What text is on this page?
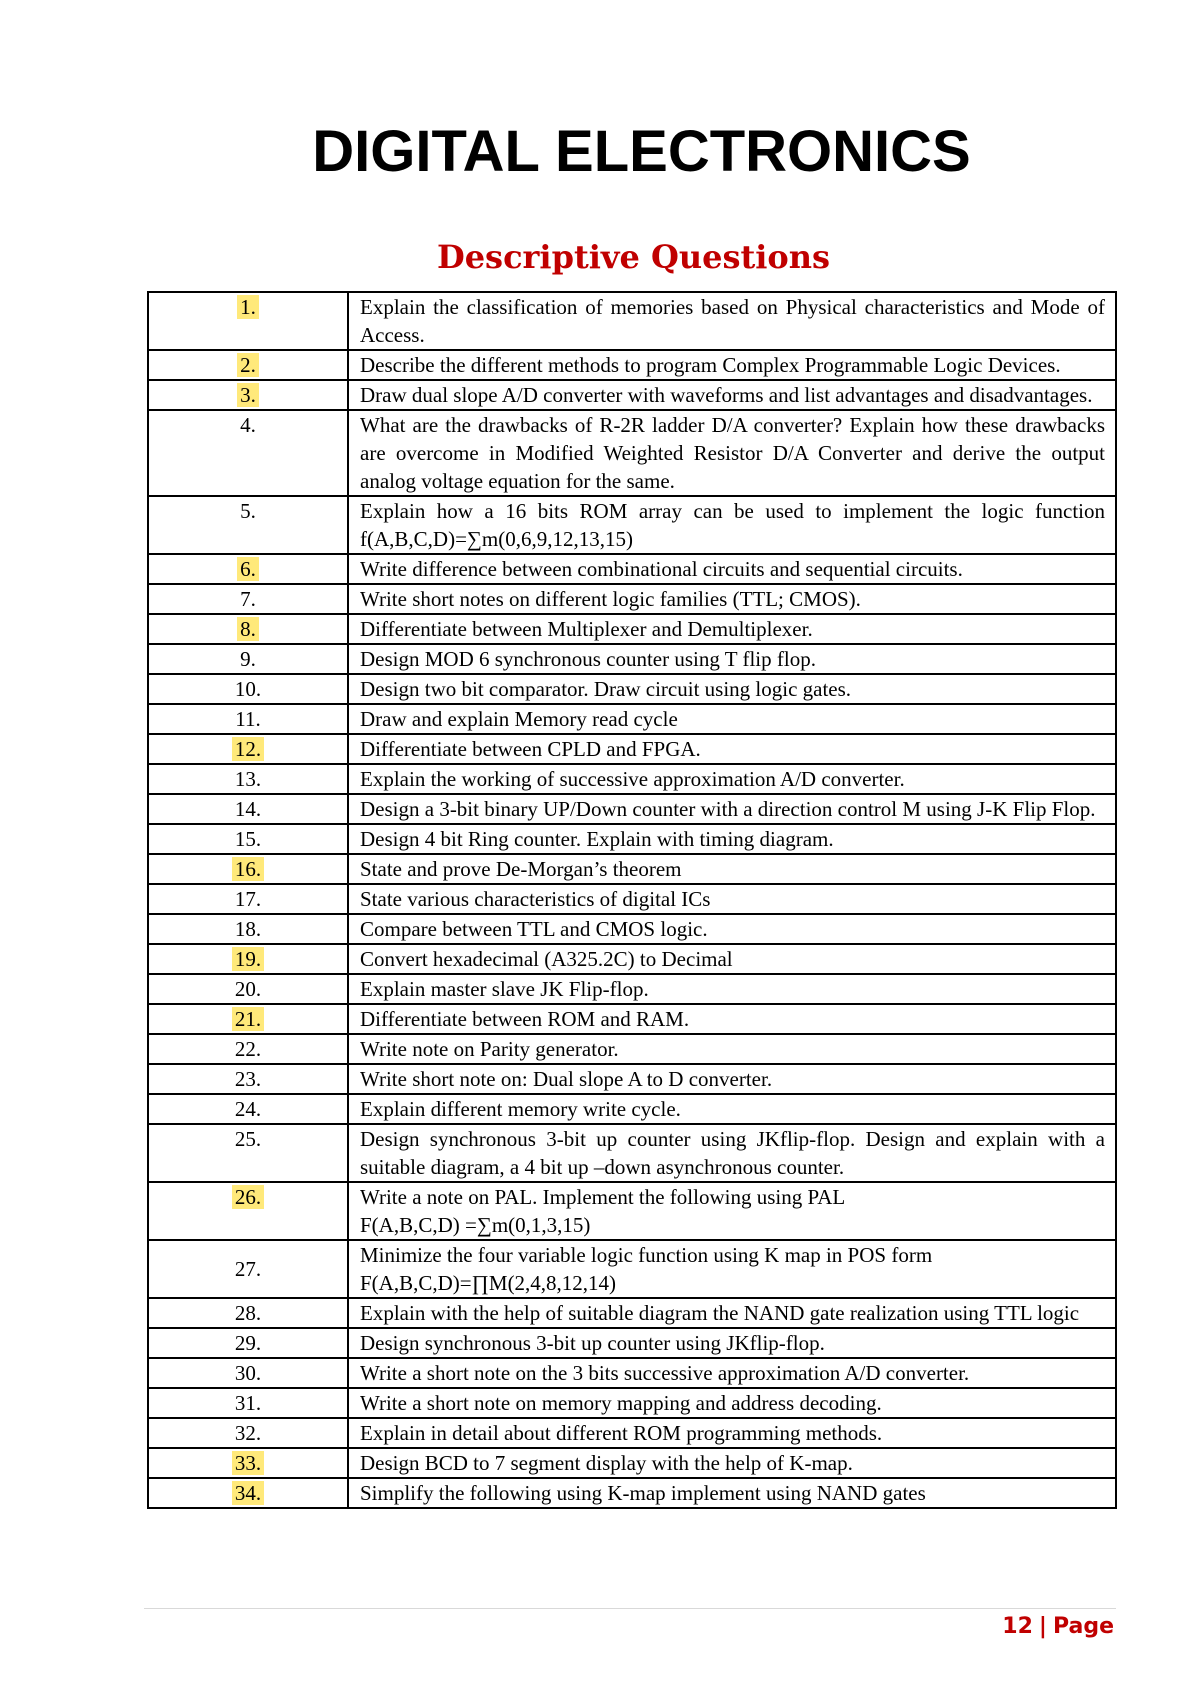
DIGITAL ELECTRONICS
Descriptive Questions
1.	Explain the classification of memories based on Physical characteristics and Mode of Access.
2.	Describe the different methods to program Complex Programmable Logic Devices.
3.	Draw dual slope A/D converter with waveforms and list advantages and disadvantages.
4.	What are the drawbacks of R-2R ladder D/A converter? Explain how these drawbacks are overcome in Modified Weighted Resistor D/A Converter and derive the output analog voltage equation for the same.
5.	Explain how a 16 bits ROM array can be used to implement the logic function f(A,B,C,D)=∑m(0,6,9,12,13,15)
6.	Write difference between combinational circuits and sequential circuits.
7.	Write short notes on different logic families (TTL; CMOS).
8.	Differentiate between Multiplexer and Demultiplexer.
9.	Design MOD 6 synchronous counter using T flip flop.
10.	Design two bit comparator. Draw circuit using logic gates.
11.	Draw and explain Memory read cycle
12.	Differentiate between CPLD and FPGA.
13.	Explain the working of successive approximation A/D converter.
14.	Design a 3-bit binary UP/Down counter with a direction control M using J-K Flip Flop.
15.	Design 4 bit Ring counter. Explain with timing diagram.
16.	State and prove De-Morgan’s theorem
17.	State various characteristics of digital ICs
18.	Compare between TTL and CMOS logic.
19.	Convert hexadecimal (A325.2C) to Decimal
20.	Explain master slave JK Flip-flop.
21.	Differentiate between ROM and RAM.
22.	Write note on Parity generator.
23.	Write short note on: Dual slope A to D converter.
24.	Explain different memory write cycle.
25.	Design synchronous 3-bit up counter using JKflip-flop. Design and explain with a suitable diagram, a 4 bit up –down asynchronous counter.
26.	Write a note on PAL. Implement the following using PAL
F(A,B,C,D) =∑m(0,1,3,15)
27.	Minimize the four variable logic function using K map in POS form
F(A,B,C,D)=∏M(2,4,8,12,14)
28.	Explain with the help of suitable diagram the NAND gate realization using TTL logic
29.	Design synchronous 3-bit up counter using JKflip-flop.
30.	Write a short note on the 3 bits successive approximation A/D converter.
31.	Write a short note on memory mapping and address decoding.
32.	Explain in detail about different ROM programming methods.
33.	Design BCD to 7 segment display with the help of K-map.
34.	Simplify the following using K-map implement using NAND gates
12 | Page
